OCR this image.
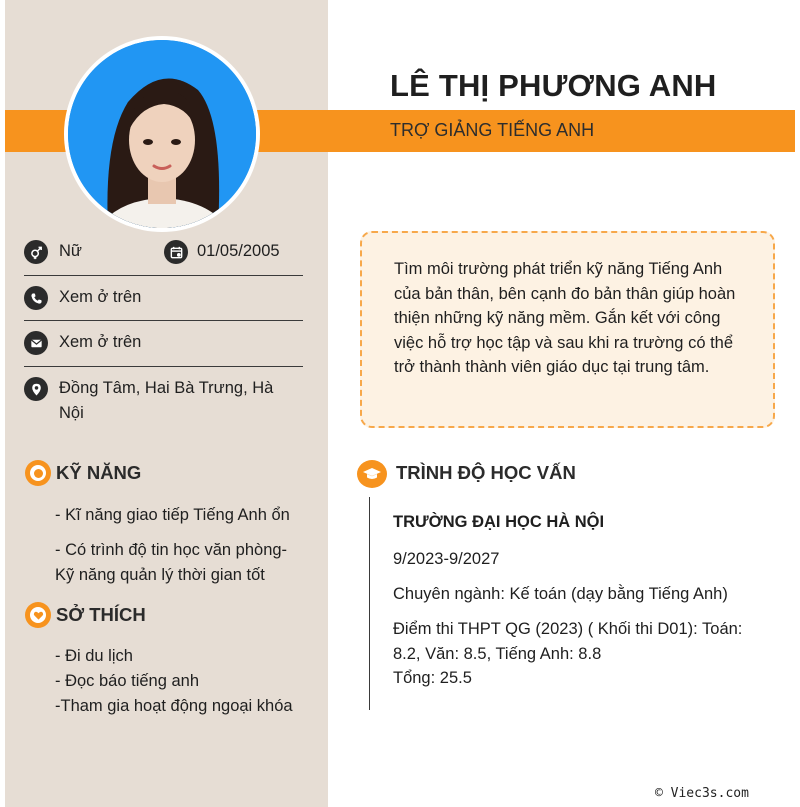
LÊ THỊ PHƯƠNG ANH
TRỢ GIẢNG TIẾNG ANH
Nữ	01/05/2005
Xem ở trên
Xem ở trên
Đồng Tâm, Hai Bà Trưng, Hà Nội
KỸ NĂNG

- Kĩ năng giao tiếp Tiếng Anh ổn

- Có trình độ tin học văn phòng- Kỹ năng quản lý thời gian tốt

SỞ THÍCH

- Đi du lịch

- Đọc báo tiếng anh

-Tham gia hoạt động ngoại khóa

Tìm môi trường phát triển kỹ năng Tiếng Anh của bản thân, bên cạnh đo bản thân giúp hoàn thiện những kỹ năng mềm. Gắn kết với công việc hỗ trợ học tập và sau khi ra trường có thể trở thành thành viên giáo dục tại trung tâm.

TRÌNH ĐỘ HỌC VẤN
TRƯỜNG ĐẠI HỌC HÀ NỘI
9/2023-9/2027
Chuyên ngành: Kế toán (dạy bằng Tiếng Anh)
Điểm thi THPT QG (2023) ( Khối thi D01): Toán: 8.2, Văn: 8.5, Tiếng Anh: 8.8
Tổng: 25.5
© Viec3s.com
